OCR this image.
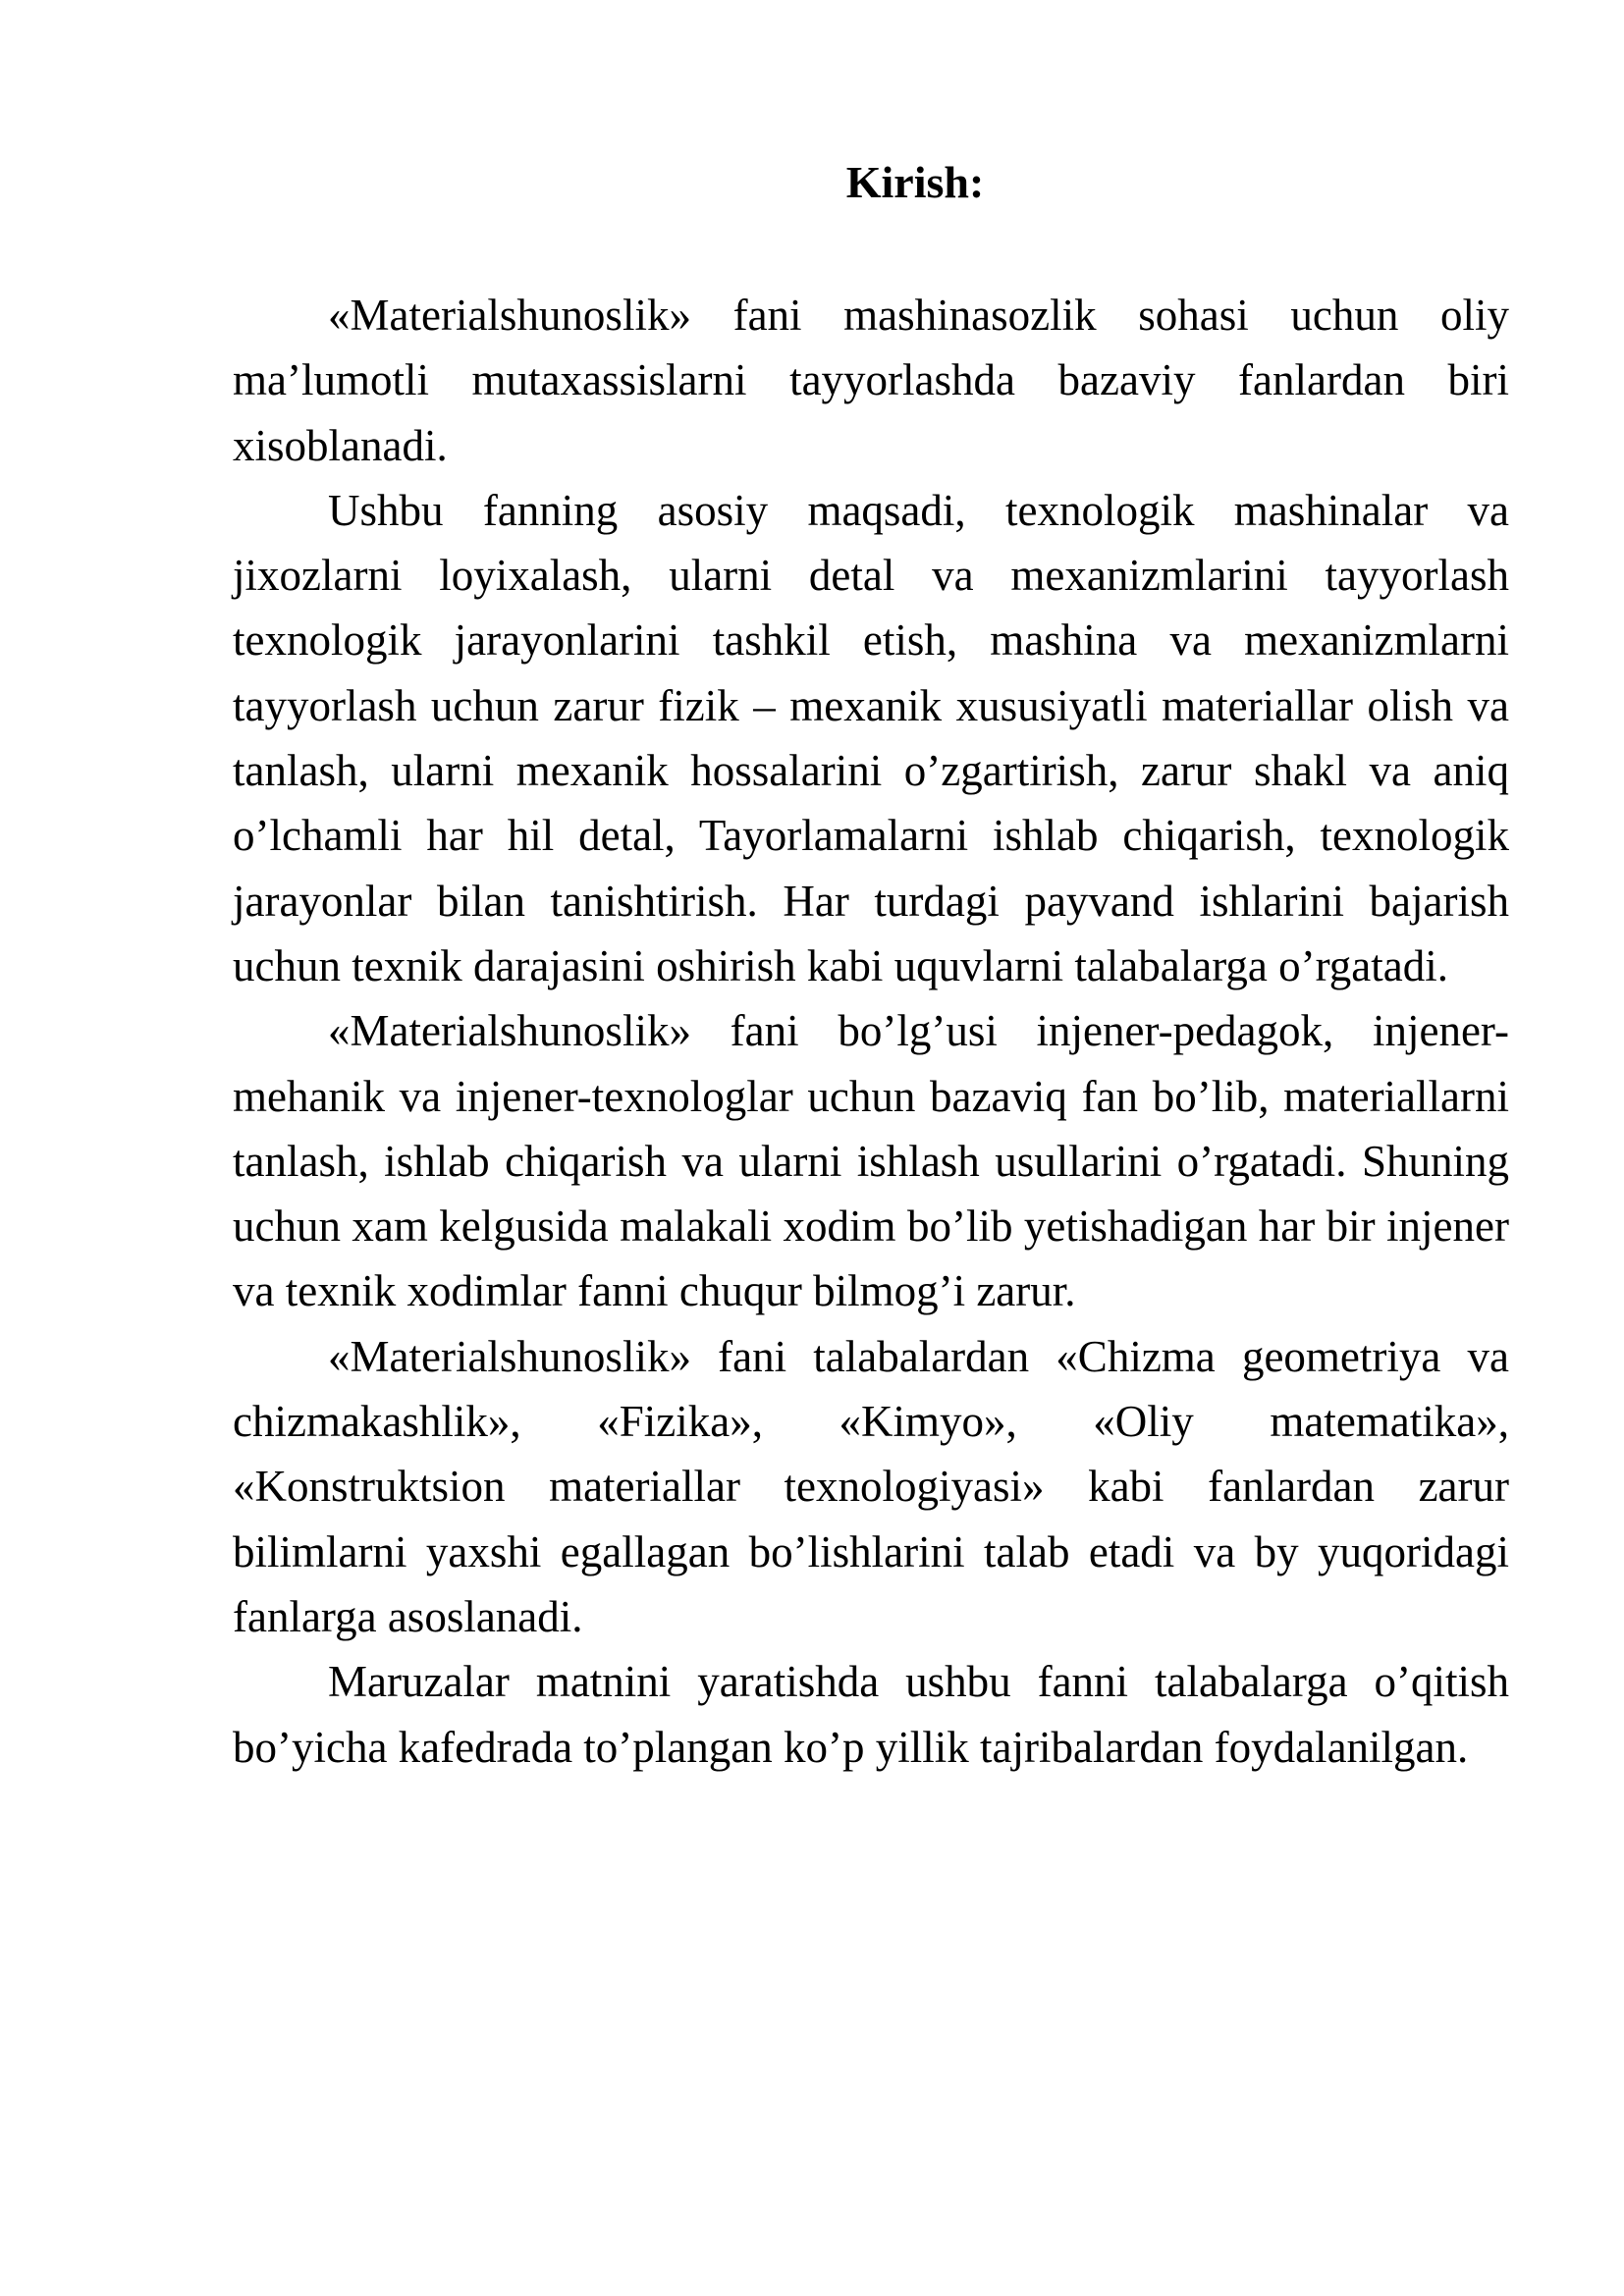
Kirish:

«Materialshunoslik» fani mashinasozlik sohasi uchun oliy ma’lumotli mutaxassislarni tayyorlashda bazaviy fanlardan biri xisoblanadi.

Ushbu fanning asosiy maqsadi, texnologik mashinalar va jixozlarni loyixalash, ularni detal va mexanizmlarini tayyorlash texnologik jarayonlarini tashkil etish, mashina va mexanizmlarni tayyorlash uchun zarur fizik – mexanik xususiyatli materiallar olish va tanlash, ularni mexanik hossalarini o’zgartirish, zarur shakl va aniq o’lchamli har hil detal, Tayorlamalarni ishlab chiqarish, texnologik jarayonlar bilan tanishtirish. Har turdagi payvand ishlarini bajarish uchun texnik darajasini oshirish kabi uquvlarni talabalarga o’rgatadi.

«Materialshunoslik» fani bo’lg’usi injener-pedagok, injener-mehanik va injener-texnologlar uchun bazaviq fan bo’lib, materiallarni tanlash, ishlab chiqarish va ularni ishlash usullarini o’rgatadi. Shuning uchun xam kelgusida malakali xodim bo’lib yetishadigan har bir injener va texnik xodimlar fanni chuqur bilmog’i zarur.

«Materialshunoslik» fani talabalardan «Chizma geometriya va chizmakashlik», «Fizika», «Kimyo», «Oliy matematika», «Konstruktsion materiallar texnologiyasi» kabi fanlardan zarur bilimlarni yaxshi egallagan bo’lishlarini talab etadi va by yuqoridagi fanlarga asoslanadi.

Maruzalar matnini yaratishda ushbu fanni talabalarga o’qitish bo’yicha kafedrada to’plangan ko’p yillik tajribalardan foydalanilgan.
